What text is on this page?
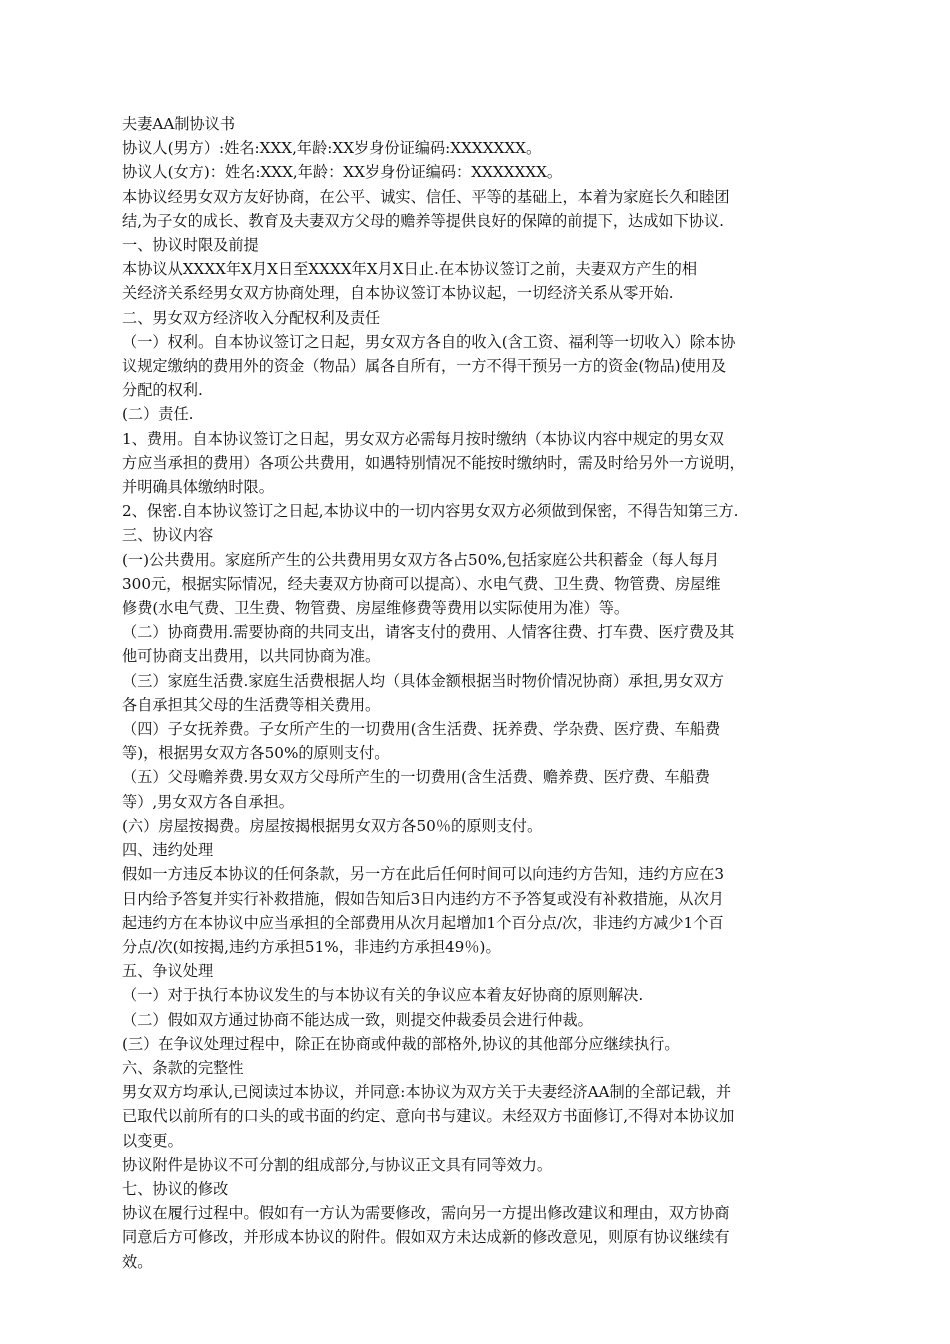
夫妻AA制协议书

协议人(男方）:姓名:XXX,年龄:XX岁身份证编码:XXXXXXX。

协议人(女方)：姓名:XXX,年龄：XX岁身份证编码：XXXXXXX。

本协议经男女双方友好协商，在公平、诚实、信任、平等的基础上，本着为家庭长久和睦团

结,为子女的成长、教育及夫妻双方父母的赡养等提供良好的保障的前提下，达成如下协议.

一、协议时限及前提

本协议从XXXX年X月X日至XXXX年X月X日止.在本协议签订之前，夫妻双方产生的相

关经济关系经男女双方协商处理，自本协议签订本协议起，一切经济关系从零开始.

二、男女双方经济收入分配权利及责任

（一）权利。自本协议签订之日起，男女双方各自的收入(含工资、福利等一切收入）除本协

议规定缴纳的费用外的资金（物品）属各自所有，一方不得干预另一方的资金(物品)使用及

分配的权利.

(二）责任.

1、费用。自本协议签订之日起，男女双方必需每月按时缴纳（本协议内容中规定的男女双

方应当承担的费用）各项公共费用，如遇特别情况不能按时缴纳时，需及时给另外一方说明，

并明确具体缴纳时限。

2、保密.自本协议签订之日起,本协议中的一切内容男女双方必须做到保密，不得告知第三方.

三、协议内容

(一)公共费用。家庭所产生的公共费用男女双方各占50%,包括家庭公共积蓄金（每人每月

300元，根据实际情况，经夫妻双方协商可以提高）、水电气费、卫生费、物管费、房屋维

修费(水电气费、卫生费、物管费、房屋维修费等费用以实际使用为准）等。

（二）协商费用.需要协商的共同支出，请客支付的费用、人情客往费、打车费、医疗费及其

他可协商支出费用，以共同协商为准。

（三）家庭生活费.家庭生活费根据人均（具体金额根据当时物价情况协商）承担,男女双方

各自承担其父母的生活费等相关费用。

（四）子女抚养费。子女所产生的一切费用(含生活费、抚养费、学杂费、医疗费、车船费

等)，根据男女双方各50%的原则支付。

（五）父母赡养费.男女双方父母所产生的一切费用(含生活费、赡养费、医疗费、车船费

等）,男女双方各自承担。

(六）房屋按揭费。房屋按揭根据男女双方各50％的原则支付。

四、违约处理

假如一方违反本协议的任何条款，另一方在此后任何时间可以向违约方告知，违约方应在3

日内给予答复并实行补救措施，假如告知后3日内违约方不予答复或没有补救措施，从次月

起违约方在本协议中应当承担的全部费用从次月起增加1个百分点/次，非违约方减少1个百

分点/次(如按揭,违约方承担51%，非违约方承担49％)。

五、争议处理

（一）对于执行本协议发生的与本协议有关的争议应本着友好协商的原则解决.

（二）假如双方通过协商不能达成一致，则提交仲裁委员会进行仲裁。

(三）在争议处理过程中，除正在协商或仲裁的部格外,协议的其他部分应继续执行。

六、条款的完整性

男女双方均承认,已阅读过本协议，并同意:本协议为双方关于夫妻经济AA制的全部记载，并

已取代以前所有的口头的或书面的约定、意向书与建议。未经双方书面修订,不得对本协议加

以变更。

协议附件是协议不可分割的组成部分,与协议正文具有同等效力。

七、协议的修改

协议在履行过程中。假如有一方认为需要修改，需向另一方提出修改建议和理由，双方协商

同意后方可修改，并形成本协议的附件。假如双方未达成新的修改意见，则原有协议继续有

效。
